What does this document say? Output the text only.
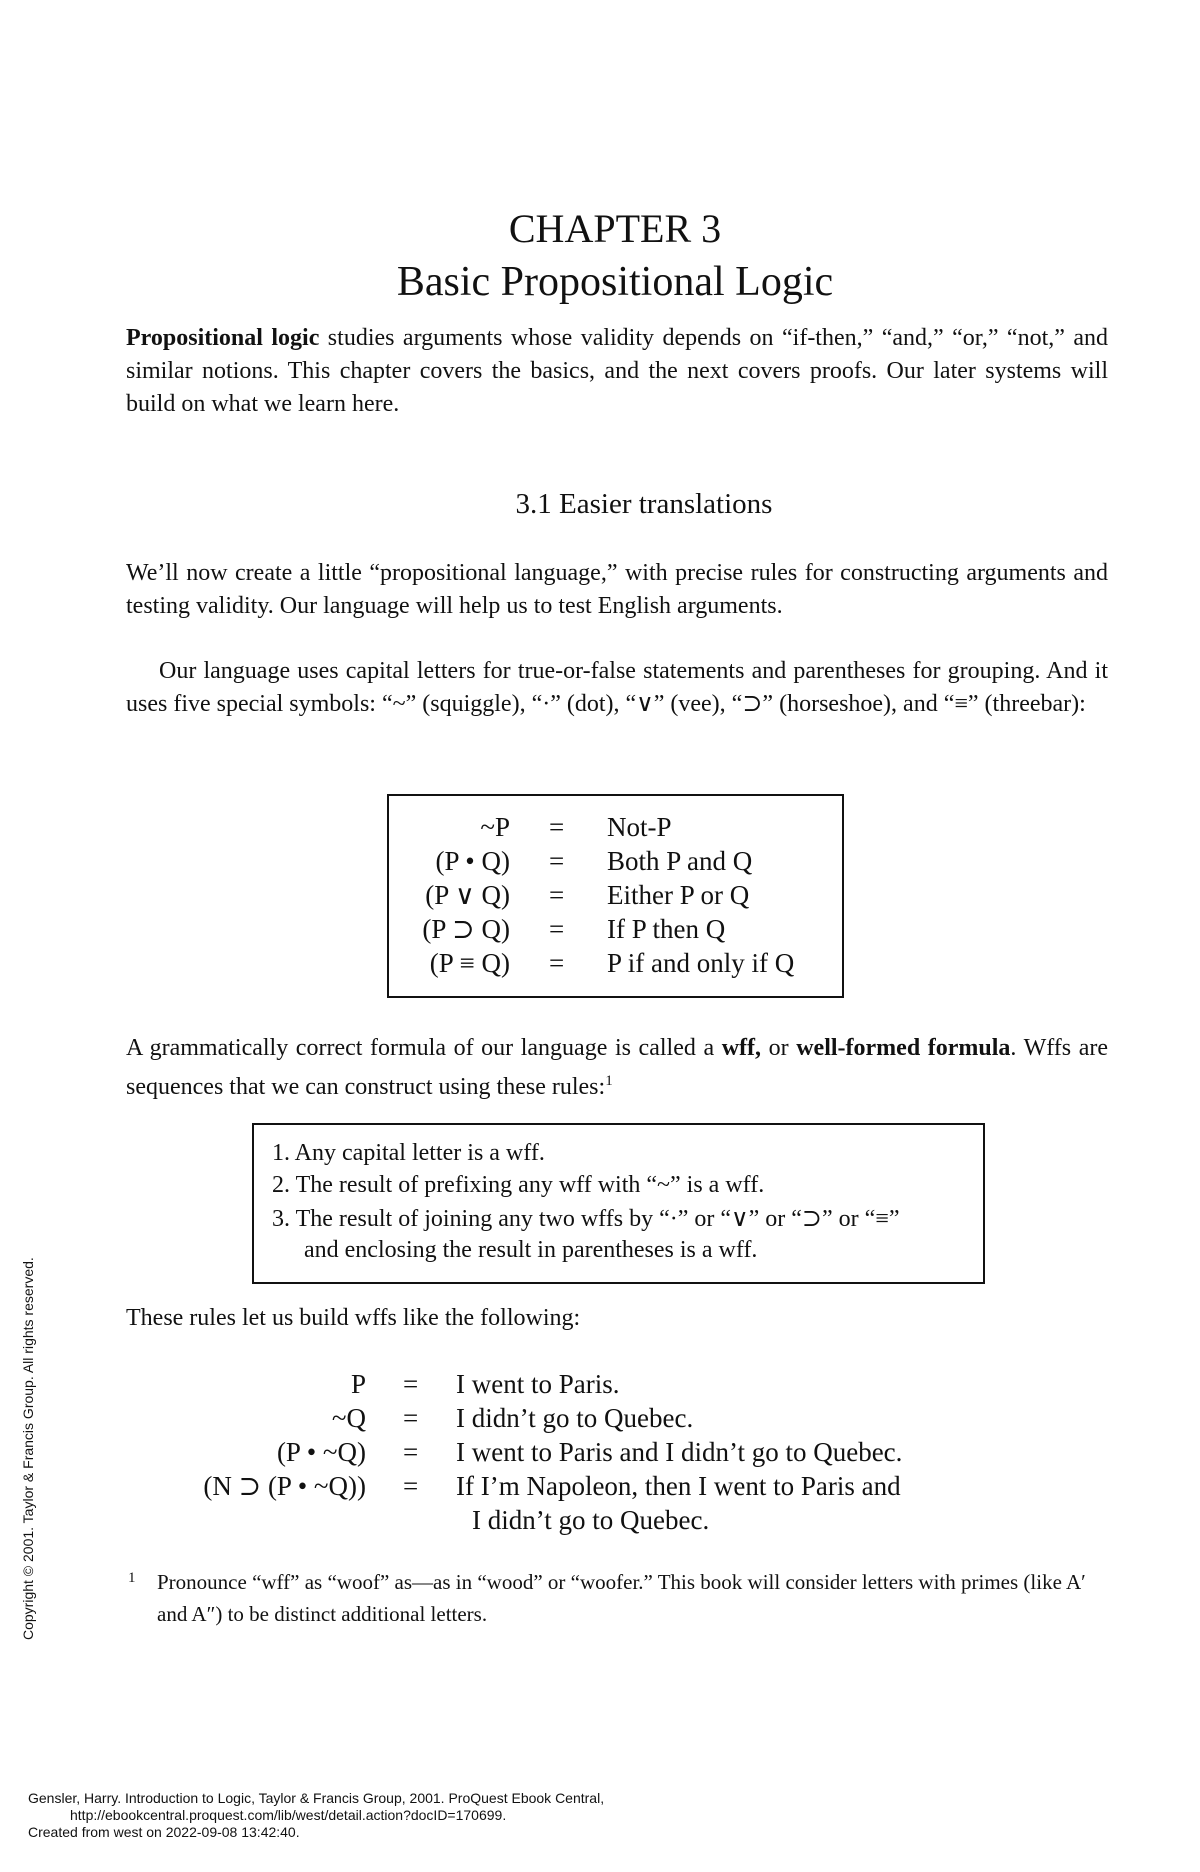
CHAPTER 3
Basic Propositional Logic
Propositional logic studies arguments whose validity depends on “if-then,” “and,” “or,” “not,” and similar notions. This chapter covers the basics, and the next covers proofs. Our later systems will build on what we learn here.
3.1 Easier translations
We’ll now create a little “propositional language,” with precise rules for constructing arguments and testing validity. Our language will help us to test English arguments.
Our language uses capital letters for true-or-false statements and parentheses for grouping. And it uses five special symbols: “~” (squiggle), “·” (dot), “∨” (vee), “⊃” (horseshoe), and “≡” (threebar):
~P = Not-P
(P • Q) = Both P and Q
(P ∨ Q) = Either P or Q
(P ⊃ Q) = If P then Q
(P ≡ Q) = P if and only if Q
A grammatically correct formula of our language is called a wff, or well-formed formula. Wffs are sequences that we can construct using these rules:$^1$
1. Any capital letter is a wff.
2. The result of prefixing any wff with “~” is a wff.
3. The result of joining any two wffs by “·” or “∨” or “⊃” or “≡”
and enclosing the result in parentheses is a wff.
These rules let us build wffs like the following:
P = I went to Paris.
~Q = I didn’t go to Quebec.
(P • ~Q) = I went to Paris and I didn’t go to Quebec.
(N ⊃ (P • ~Q)) = If I’m Napoleon, then I went to Paris and
I didn’t go to Quebec.
1 Pronounce “wff” as “woof” as—as in “wood” or “woofer.” This book will consider letters with primes (like A′ and A″) to be distinct additional letters.
Copyright © 2001. Taylor & Francis Group. All rights reserved.
Gensler, Harry. Introduction to Logic, Taylor & Francis Group, 2001. ProQuest Ebook Central,
http://ebookcentral.proquest.com/lib/west/detail.action?docID=170699.
Created from west on 2022-09-08 13:42:40.
